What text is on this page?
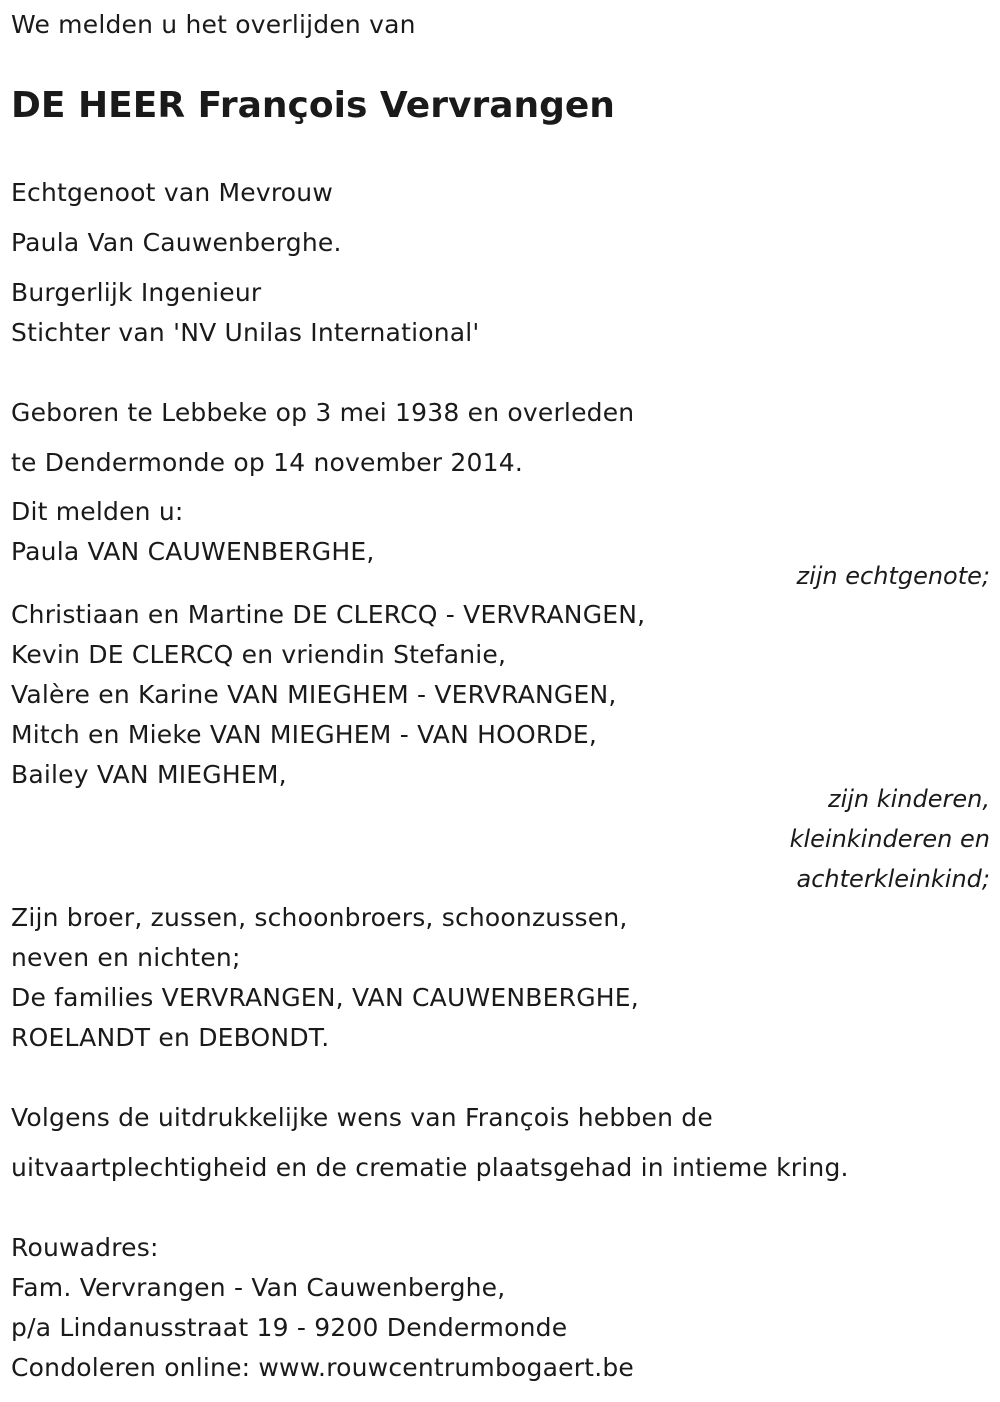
We melden u het overlijden van
DE HEER François Vervrangen
Echtgenoot van Mevrouw
Paula Van Cauwenberghe.
Burgerlijk Ingenieur
Stichter van 'NV Unilas International'
Geboren te Lebbeke op 3 mei 1938 en overleden
te Dendermonde op 14 november 2014.
Dit melden u:
Paula VAN CAUWENBERGHE,
zijn echtgenote;
Christiaan en Martine DE CLERCQ - VERVRANGEN,
Kevin DE CLERCQ en vriendin Stefanie,
Valère en Karine VAN MIEGHEM - VERVRANGEN,
Mitch en Mieke VAN MIEGHEM - VAN HOORDE,
Bailey VAN MIEGHEM,
zijn kinderen,
kleinkinderen en
achterkleinkind;
Zijn broer, zussen, schoonbroers, schoonzussen,
neven en nichten;
De families VERVRANGEN, VAN CAUWENBERGHE,
ROELANDT en DEBONDT.
Volgens de uitdrukkelijke wens van François hebben de
uitvaartplechtigheid en de crematie plaatsgehad in intieme kring.
Rouwadres:
Fam. Vervrangen - Van Cauwenberghe,
p/a Lindanusstraat 19 - 9200 Dendermonde
Condoleren online: www.rouwcentrumbogaert.be
